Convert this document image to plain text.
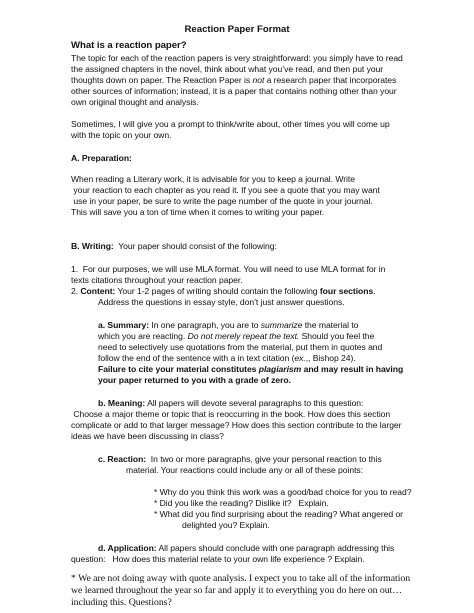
Reaction Paper Format
What is a reaction paper?
The topic for each of the reaction papers is very straightforward: you simply have to read
the assigned chapters in the novel, think about what you’ve read, and then put your
thoughts down on paper. The Reaction Paper is not a research paper that incorporates
other sources of information; instead, it is a paper that contains nothing other than your
own original thought and analysis.
Sometimes, I will give you a prompt to think/write about, other times you will come up
with the topic on your own.
A. Preparation:
When reading a Literary work, it is advisable for you to keep a journal. Write
your reaction to each chapter as you read it. If you see a quote that you may want
use in your paper, be sure to write the page number of the quote in your journal.
This will save you a ton of time when it comes to writing your paper.
B. Writing:  Your paper should consist of the following:
1.  For our purposes, we will use MLA format. You will need to use MLA format for in
texts citations throughout your reaction paper.
2. Content: Your 1-2 pages of writing should contain the following four sections.
Address the questions in essay style, don’t just answer questions.
a. Summary: In one paragraph, you are to summarize the material to
which you are reacting. Do not merely repeat the text. Should you feel the
need to selectively use quotations from the material, put them in quotes and
follow the end of the sentence with a in text citation (ex.,, Bishop 24).
Failure to cite your material constitutes plagiarism and may result in having
your paper returned to you with a grade of zero.
b. Meaning: All papers will devote several paragraphs to this question:
Choose a major theme or topic that is reoccurring in the book. How does this section
complicate or add to that larger message? How does this section contribute to the larger
ideas we have been discussing in class?
c. Reaction:  In two or more paragraphs, give your personal reaction to this
material. Your reactions could include any or all of these points:
* Why do you think this work was a good/bad choice for you to read?
* Did you like the reading? Dislike it?   Explain.
* What did you find surprising about the reading? What angered or
delighted you? Explain.
d. Application: All papers should conclude with one paragraph addressing this
question:   How does this material relate to your own life experience ? Explain.
* We are not doing away with quote analysis. I expect you to take all of the information
we learned throughout the year so far and apply it to everything you do here on out…
including this. Questions?
